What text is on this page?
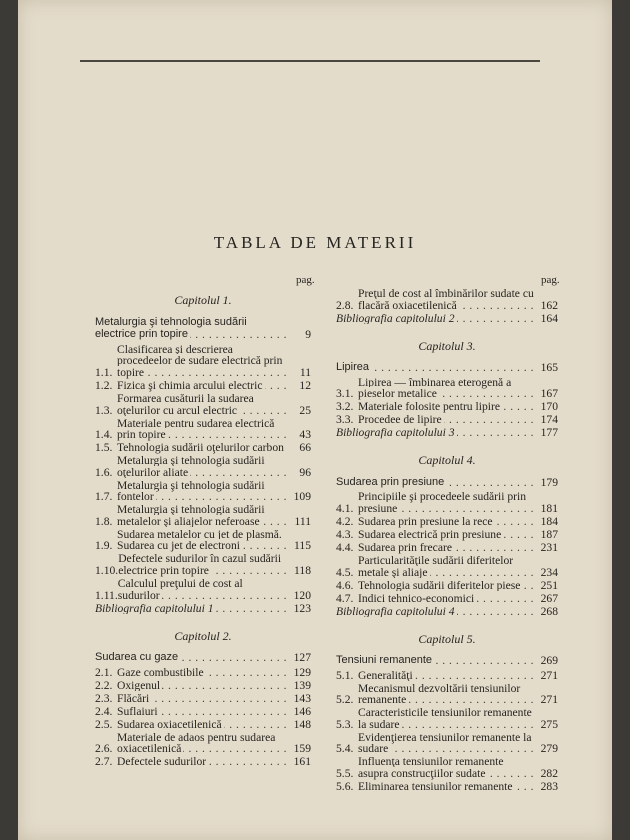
TABLA DE MATERII
pag.	pag.
Capitolul 1.
Metalurgia şi tehnologia sudării electrice prin topire . . .	9
1.1.
Clasificarea şi descrierea procedeelor de sudare electrică prin topire . . .	11
1.2. Fizica şi chimia arcului electric . . .	12
1.3.
Formarea cusăturii la sudarea oţelurilor cu arcul electric . . .	25
1.4.
Materiale pentru sudarea electrică prin topire . . .	43
1.5. Tehnologia sudării oţelurilor carbon . . .	66
1.6.
Metalurgia şi tehnologia sudării oţelurilor aliate . . .	96
1.7.
Metalurgia şi tehnologia sudării fontelor . . .	109
1.8.
Metalurgia şi tehnologia sudării metalelor şi aliajelor neferoase . . .	111
1.9.
Sudarea metalelor cu jet de plasmă. Sudarea cu jet de electroni . . .	115
1.10.
Defectele sudurilor în cazul sudării electrice prin topire . . .	118
1.11.
Calculul preţului de cost al sudurilor . . .	120
Bibliografia capitolului 1 . . .	123
Capitolul 2.
Sudarea cu gaze . . .	127
2.1. Gaze combustibile . . .	129
2.2. Oxigenul . . .	139
2.3. Flăcări . . .	143
2.4. Suflaiuri . . .	146
2.5. Sudarea oxiacetilenică . . .	148
2.6.
Materiale de adaos pentru sudarea oxiacetilenică . . .	159
2.7. Defectele sudurilor . . .	161
2.8.
Preţul de cost al îmbinărilor sudate cu flacără oxiacetilenică . . .	162
Bibliografia capitolului 2 . . .	164
Capitolul 3.
Lipirea . . .	165
3.1.
Lipirea — îmbinarea eterogenă a pieselor metalice . . .	167
3.2. Materiale folosite pentru lipire . . .	170
3.3. Procedee de lipire . . .	174
Bibliografia capitolului 3 . . .	177
Capitolul 4.
Sudarea prin presiune . . .	179
4.1.
Principiile şi procedeele sudării prin presiune . . .	181
4.2. Sudarea prin presiune la rece . . .	184
4.3. Sudarea electrică prin presiune . . .	187
4.4. Sudarea prin frecare . . .	231
4.5.
Particularităţile sudării diferitelor metale şi aliaje . . .	234
4.6. Tehnologia sudării diferitelor piese . . .	251
4.7. Indici tehnico-economici . . .	267
Bibliografia capitolului 4 . . .	268
Capitolul 5.
Tensiuni remanente . . .	269
5.1. Generalităţi . . .	271
5.2.
Mecanismul dezvoltării tensiunilor remanente . . .	271
5.3.
Caracteristicile tensiunilor remanente la sudare . . .	275
5.4.
Evidenţierea tensiunilor remanente la sudare . . .	279
5.5.
Influenţa tensiunilor remanente asupra construcţiilor sudate . . .	282
5.6. Eliminarea tensiunilor remanente . . .	283
